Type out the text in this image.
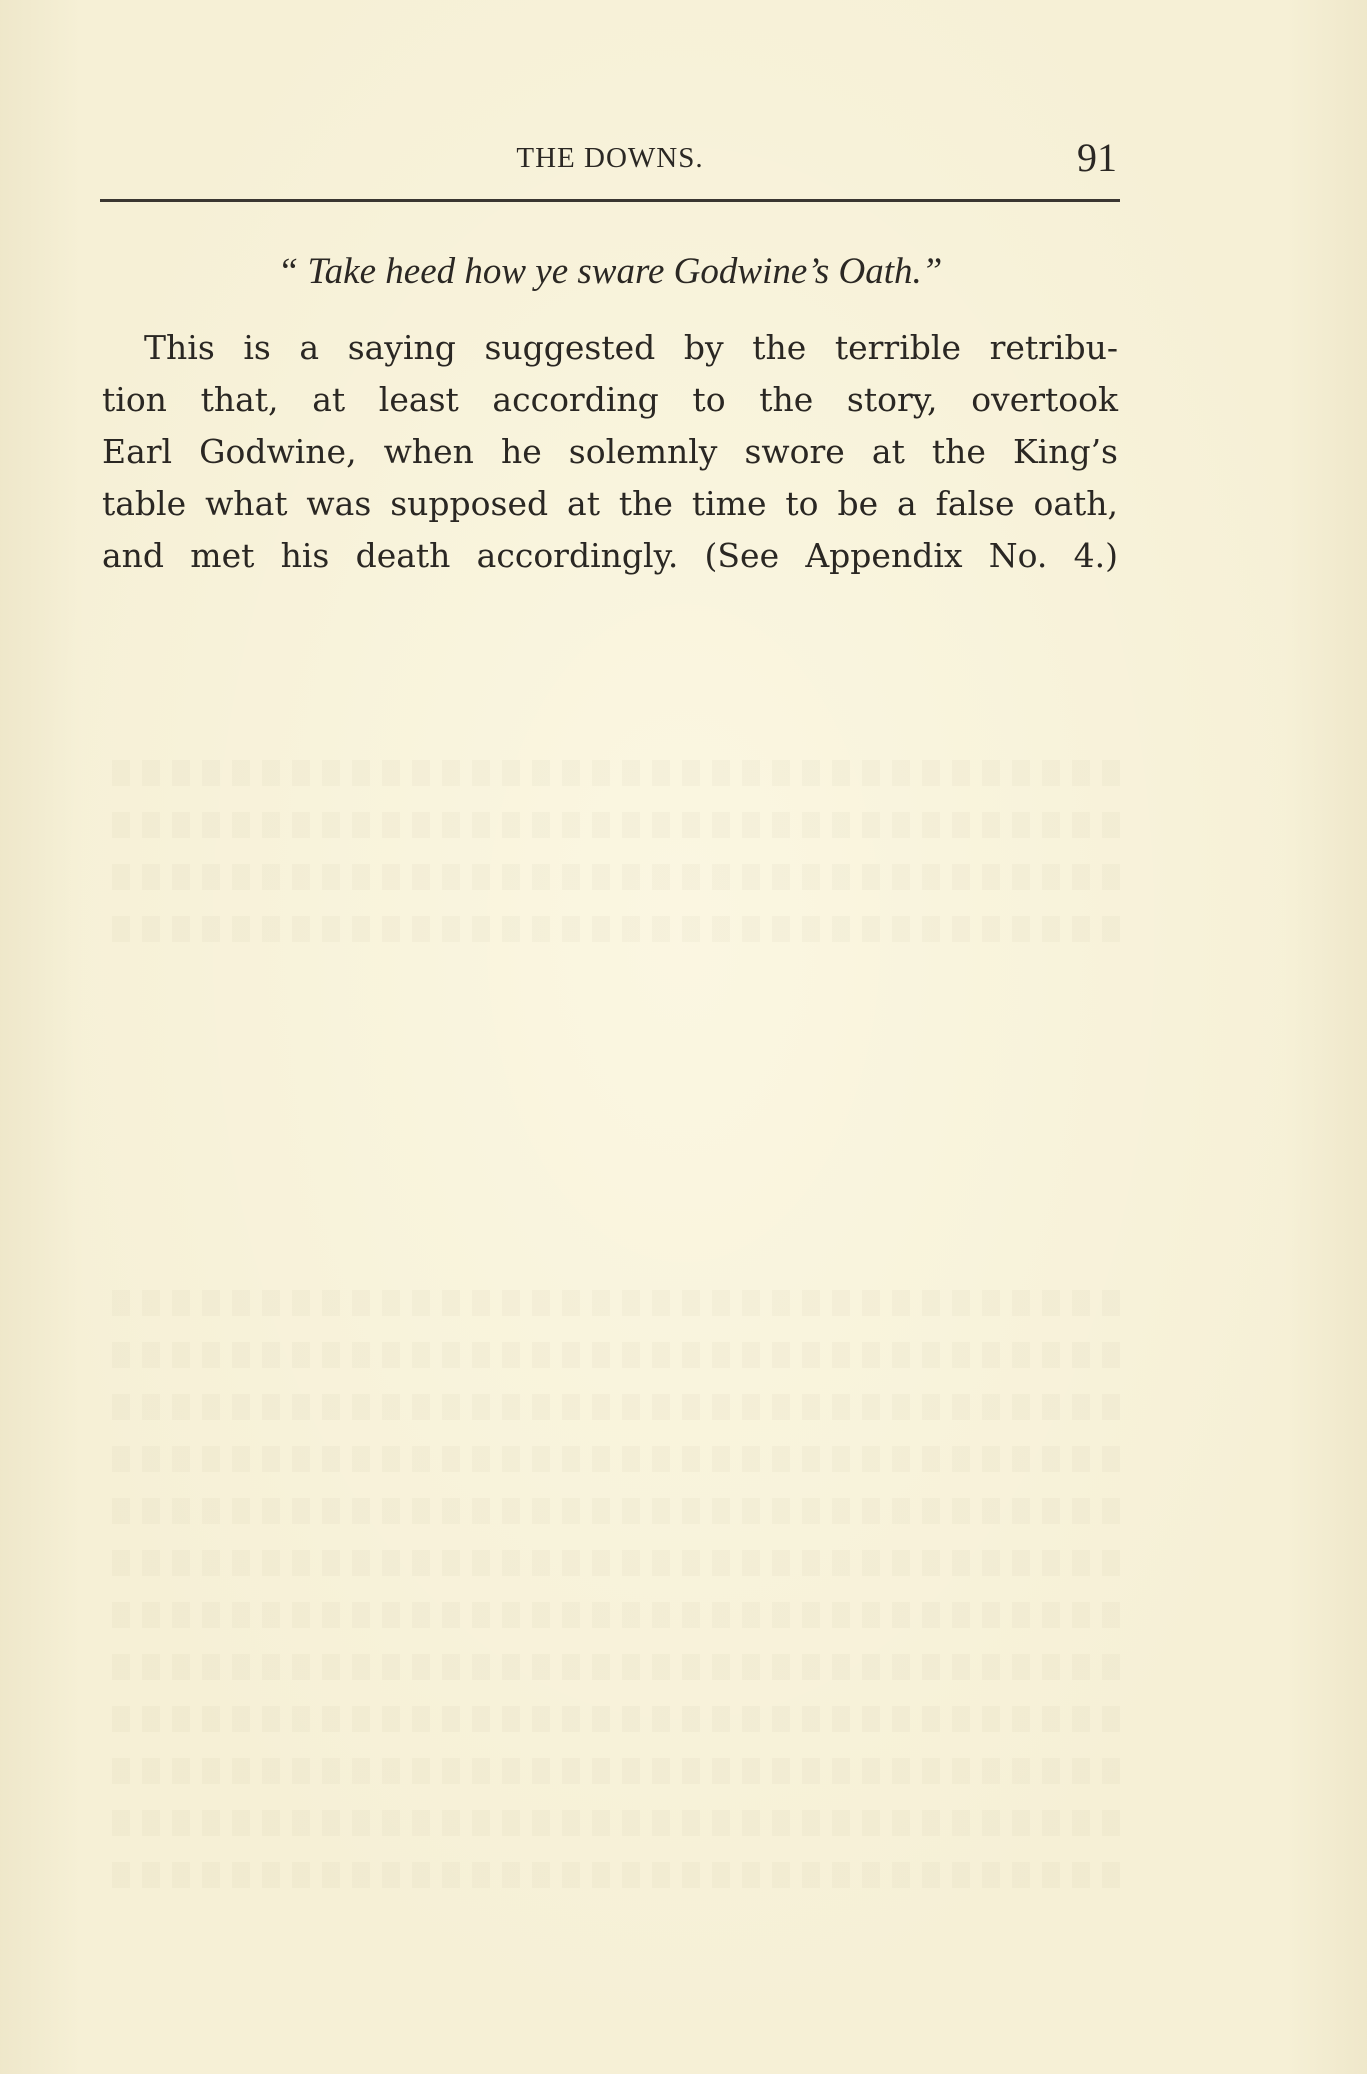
THE DOWNS.	91
“ Take heed how ye sware Godwine’s Oath.”
This is a saying suggested by the terrible retribu-
tion that, at least according to the story, overtook
Earl Godwine, when he solemnly swore at the King’s
table what was supposed at the time to be a false oath,
and met his death accordingly. (See Appendix No. 4.)
